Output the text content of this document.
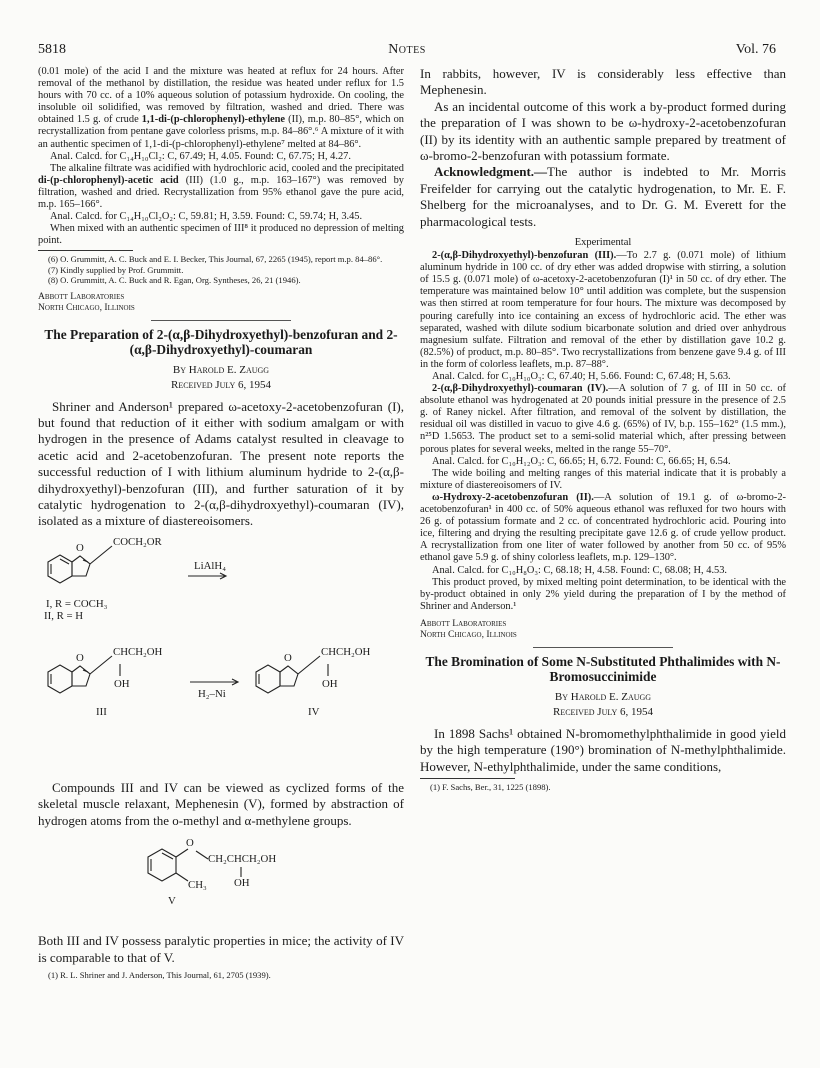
5818	Notes	Vol. 76

(0.01 mole) of the acid I and the mixture was heated at reflux for 24 hours. After removal of the methanol by distillation, the residue was heated under reflux for 1.5 hours with 70 cc. of a 10% aqueous solution of potassium hydroxide. On cooling, the insoluble oil solidified, was removed by filtration, washed and dried. There was obtained 1.5 g. of crude 1,1-di-(p-chlorophenyl)-ethylene (II), m.p. 80–85°, which on recrystallization from pentane gave colorless prisms, m.p. 84–86°.⁶ A mixture of it with an authentic specimen of 1,1-di-(p-chlorophenyl)-ethylene⁷ melted at 84–86°.

Anal. Calcd. for C₁₄H₁₀Cl₂: C, 67.49; H, 4.05. Found: C, 67.75; H, 4.27.

The alkaline filtrate was acidified with hydrochloric acid, cooled and the precipitated di-(p-chlorophenyl)-acetic acid (III) (1.0 g., m.p. 163–167°) was removed by filtration, washed and dried. Recrystallization from 95% ethanol gave the pure acid, m.p. 165–166°.

Anal. Calcd. for C₁₄H₁₀Cl₂O₂: C, 59.81; H, 3.59. Found: C, 59.74; H, 3.45.

When mixed with an authentic specimen of III⁸ it produced no depression of melting point.

(6) O. Grummitt, A. C. Buck and E. I. Becker, This Journal, 67, 2265 (1945), report m.p. 84–86°.

(7) Kindly supplied by Prof. Grummitt.

(8) O. Grummitt, A. C. Buck and R. Egan, Org. Syntheses, 26, 21 (1946).

Abbott Laboratories

North Chicago, Illinois

The Preparation of 2-(α,β-Dihydroxyethyl)-benzofuran and 2-(α,β-Dihydroxyethyl)-coumaran

By Harold E. Zaugg

Received July 6, 1954

Shriner and Anderson¹ prepared ω-acetoxy-2-acetobenzofuran (I), but found that reduction of it either with sodium amalgam or with hydrogen in the presence of Adams catalyst resulted in cleavage to acetic acid and 2-acetobenzofuran. The present note reports the successful reduction of I with lithium aluminum hydride to 2-(α,β-dihydroxyethyl)-benzofuran (III), and further saturation of it by catalytic hydrogenation to 2-(α,β-dihydroxyethyl)-coumaran (IV), isolated as a mixture of diastereoisomers.

O	COCH₂OR
LiAlH₄
I, R = COCH₃
II, R = H
O	CHCH₂OH
OH
H₂–Ni
O	CHCH₂OH
OH
III	IV

Compounds III and IV can be viewed as cyclized forms of the skeletal muscle relaxant, Mephenesin (V), formed by abstraction of hydrogen atoms from the o-methyl and α-methylene groups.

O
CH₂CHCH₂OH
OH
CH₃
V

Both III and IV possess paralytic properties in mice; the activity of IV is comparable to that of V.

(1) R. L. Shriner and J. Anderson, This Journal, 61, 2705 (1939).

In rabbits, however, IV is considerably less effective than Mephenesin.

As an incidental outcome of this work a by-product formed during the preparation of I was shown to be ω-hydroxy-2-acetobenzofuran (II) by its identity with an authentic sample prepared by treatment of ω-bromo-2-benzofuran with potassium formate.

Acknowledgment.—The author is indebted to Mr. Morris Freifelder for carrying out the catalytic hydrogenation, to Mr. E. F. Shelberg for the microanalyses, and to Dr. G. M. Everett for the pharmacological tests.

Experimental

2-(α,β-Dihydroxyethyl)-benzofuran (III).—To 2.7 g. (0.071 mole) of lithium aluminum hydride in 100 cc. of dry ether was added dropwise with stirring, a solution of 15.5 g. (0.071 mole) of ω-acetoxy-2-acetobenzofuran (I)¹ in 50 cc. of dry ether. The temperature was maintained below 10° until addition was complete, but the suspension was then stirred at room temperature for four hours. The mixture was decomposed by pouring carefully into ice containing an excess of hydrochloric acid. The ether was separated, washed with dilute sodium bicarbonate solution and dried over anhydrous magnesium sulfate. Filtration and removal of the ether by distillation gave 10.2 g. (82.5%) of product, m.p. 80–85°. Two recrystallizations from benzene gave 9.4 g. of III in the form of colorless leaflets, m.p. 87–88°.

Anal. Calcd. for C₁₀H₁₀O₃: C, 67.40; H, 5.66. Found: C, 67.48; H, 5.63.

2-(α,β-Dihydroxyethyl)-coumaran (IV).—A solution of 7 g. of III in 50 cc. of absolute ethanol was hydrogenated at 20 pounds initial pressure in the presence of 2.5 g. of Raney nickel. After filtration, and removal of the solvent by distillation, the residual oil was distilled in vacuo to give 4.6 g. (65%) of IV, b.p. 155–162° (1.5 mm.), n²⁵D 1.5653. The product set to a semi-solid material which, after pressing between porous plates for several weeks, melted in the range 55–70°.

Anal. Calcd. for C₁₀H₁₂O₃: C, 66.65; H, 6.72. Found: C, 66.65; H, 6.54.

The wide boiling and melting ranges of this material indicate that it is probably a mixture of diastereoisomers of IV.

ω-Hydroxy-2-acetobenzofuran (II).—A solution of 19.1 g. of ω-bromo-2-acetobenzofuran¹ in 400 cc. of 50% aqueous ethanol was refluxed for two hours with 26 g. of potassium formate and 2 cc. of concentrated hydrochloric acid. Pouring into ice, filtering and drying the resulting precipitate gave 12.6 g. of crude yellow product. A recrystallization from one liter of water followed by another from 50 cc. of 95% ethanol gave 5.9 g. of shiny colorless leaflets, m.p. 129–130°.

Anal. Calcd. for C₁₀H₈O₃: C, 68.18; H, 4.58. Found: C, 68.08; H, 4.53.

This product proved, by mixed melting point determination, to be identical with the by-product obtained in only 2% yield during the preparation of I by the method of Shriner and Anderson.¹

Abbott Laboratories

North Chicago, Illinois

The Bromination of Some N-Substituted Phthalimides with N-Bromosuccinimide

By Harold E. Zaugg

Received July 6, 1954

In 1898 Sachs¹ obtained N-bromomethylphthalimide in good yield by the high temperature (190°) bromination of N-methylphthalimide. However, N-ethylphthalimide, under the same conditions,

(1) F. Sachs, Ber., 31, 1225 (1898).
